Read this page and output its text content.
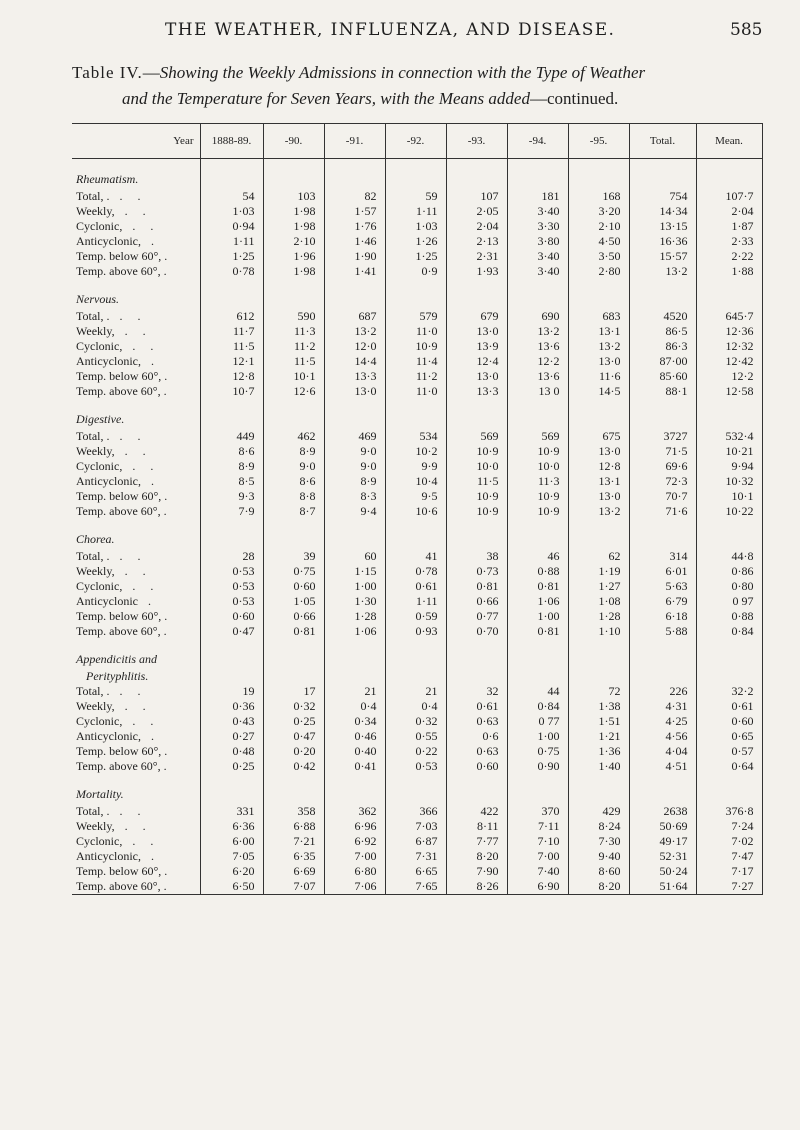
THE WEATHER, INFLUENZA, AND DISEASE.	585
Table IV.—Showing the Weekly Admissions in connection with the Type of Weather
and the Temperature for Seven Years, with the Means added—continued.
Year	1888-89.	-90.	-91.	-92.	-93.	-94.	-95.	Total.	Mean.
Rheumatism.									
Total, . . .	54	103	82	59	107	181	168	754	107·7
Weekly, . .	1·03	1·98	1·57	1·11	2·05	3·40	3·20	14·34	2·04
Cyclonic, . .	0·94	1·98	1·76	1·03	2·04	3·30	2·10	13·15	1·87
Anticyclonic, .	1·11	2·10	1·46	1·26	2·13	3·80	4·50	16·36	2·33
Temp. below 60°, .	1·25	1·96	1·90	1·25	2·31	3·40	3·50	15·57	2·22
Temp. above 60°, .	0·78	1·98	1·41	0·9	1·93	3·40	2·80	13·2	1·88
Nervous.									
Total, . . .	612	590	687	579	679	690	683	4520	645·7
Weekly, . .	11·7	11·3	13·2	11·0	13·0	13·2	13·1	86·5	12·36
Cyclonic, . .	11·5	11·2	12·0	10·9	13·9	13·6	13·2	86·3	12·32
Anticyclonic, .	12·1	11·5	14·4	11·4	12·4	12·2	13·0	87·00	12·42
Temp. below 60°, .	12·8	10·1	13·3	11·2	13·0	13·6	11·6	85·60	12·2
Temp. above 60°, .	10·7	12·6	13·0	11·0	13·3	13 0	14·5	88·1	12·58
Digestive.									
Total, . . .	449	462	469	534	569	569	675	3727	532·4
Weekly, . .	8·6	8·9	9·0	10·2	10·9	10·9	13·0	71·5	10·21
Cyclonic, . .	8·9	9·0	9·0	9·9	10·0	10·0	12·8	69·6	9·94
Anticyclonic, .	8·5	8·6	8·9	10·4	11·5	11·3	13·1	72·3	10·32
Temp. below 60°, .	9·3	8·8	8·3	9·5	10·9	10·9	13·0	70·7	10·1
Temp. above 60°, .	7·9	8·7	9·4	10·6	10·9	10·9	13·2	71·6	10·22
Chorea.									
Total, . . .	28	39	60	41	38	46	62	314	44·8
Weekly, . .	0·53	0·75	1·15	0·78	0·73	0·88	1·19	6·01	0·86
Cyclonic, . .	0·53	0·60	1·00	0·61	0·81	0·81	1·27	5·63	0·80
Anticyclonic .	0·53	1·05	1·30	1·11	0·66	1·06	1·08	6·79	0 97
Temp. below 60°, .	0·60	0·66	1·28	0·59	0·77	1·00	1·28	6·18	0·88
Temp. above 60°, .	0·47	0·81	1·06	0·93	0·70	0·81	1·10	5·88	0·84
Appendicitis and									
Perityphlitis.									
Total, . . .	19	17	21	21	32	44	72	226	32·2
Weekly, . .	0·36	0·32	0·4	0·4	0·61	0·84	1·38	4·31	0·61
Cyclonic, . .	0·43	0·25	0·34	0·32	0·63	0 77	1·51	4·25	0·60
Anticyclonic, .	0·27	0·47	0·46	0·55	0·6	1·00	1·21	4·56	0·65
Temp. below 60°, .	0·48	0·20	0·40	0·22	0·63	0·75	1·36	4·04	0·57
Temp. above 60°, .	0·25	0·42	0·41	0·53	0·60	0·90	1·40	4·51	0·64
Mortality.									
Total, . . .	331	358	362	366	422	370	429	2638	376·8
Weekly, . .	6·36	6·88	6·96	7·03	8·11	7·11	8·24	50·69	7·24
Cyclonic, . .	6·00	7·21	6·92	6·87	7·77	7·10	7·30	49·17	7·02
Anticyclonic, .	7·05	6·35	7·00	7·31	8·20	7·00	9·40	52·31	7·47
Temp. below 60°, .	6·20	6·69	6·80	6·65	7·90	7·40	8·60	50·24	7·17
Temp. above 60°, .	6·50	7·07	7·06	7·65	8·26	6·90	8·20	51·64	7·27
